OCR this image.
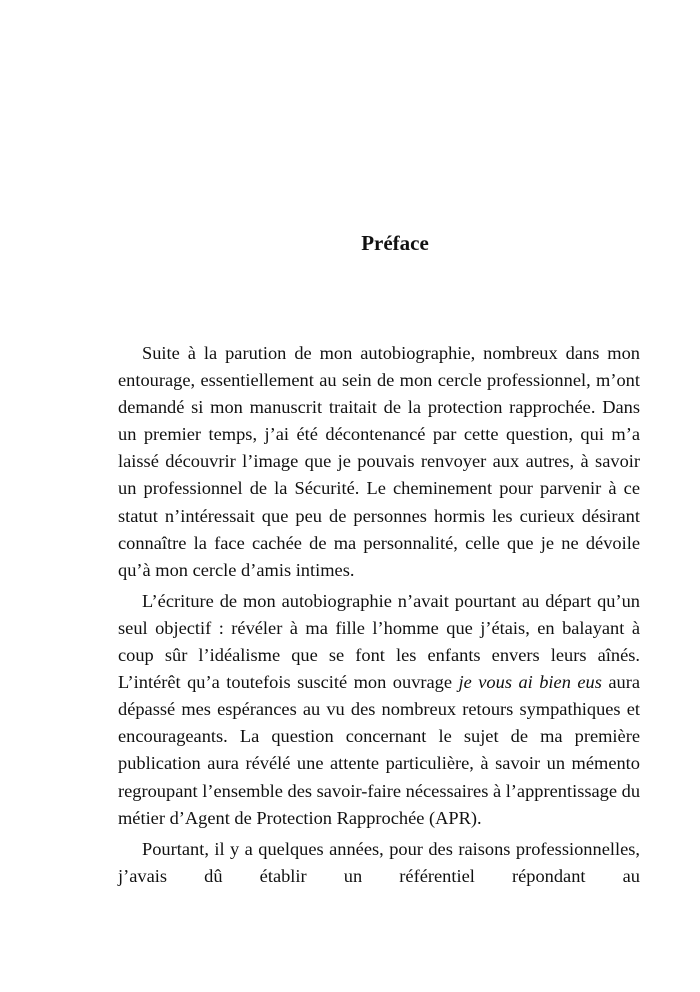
Préface

Suite à la parution de mon autobiographie, nombreux dans mon entourage, essentiellement au sein de mon cercle professionnel, m’ont demandé si mon manuscrit traitait de la protection rapprochée. Dans un premier temps, j’ai été décontenancé par cette question, qui m’a laissé découvrir l’image que je pouvais renvoyer aux autres, à savoir un professionnel de la Sécurité. Le cheminement pour parvenir à ce statut n’intéressait que peu de personnes hormis les curieux désirant connaître la face cachée de ma personnalité, celle que je ne dévoile qu’à mon cercle d’amis intimes.

L’écriture de mon autobiographie n’avait pourtant au départ qu’un seul objectif : révéler à ma fille l’homme que j’étais, en balayant à coup sûr l’idéalisme que se font les enfants envers leurs aînés. L’intérêt qu’a toutefois suscité mon ouvrage je vous ai bien eus aura dépassé mes espérances au vu des nombreux retours sympathiques et encourageants. La question concernant le sujet de ma première publication aura révélé une attente particulière, à savoir un mémento regroupant l’ensemble des savoir-faire nécessaires à l’apprentissage du métier d’Agent de Protection Rapprochée (APR).

Pourtant, il y a quelques années, pour des raisons professionnelles, j’avais dû établir un référentiel répondant au
